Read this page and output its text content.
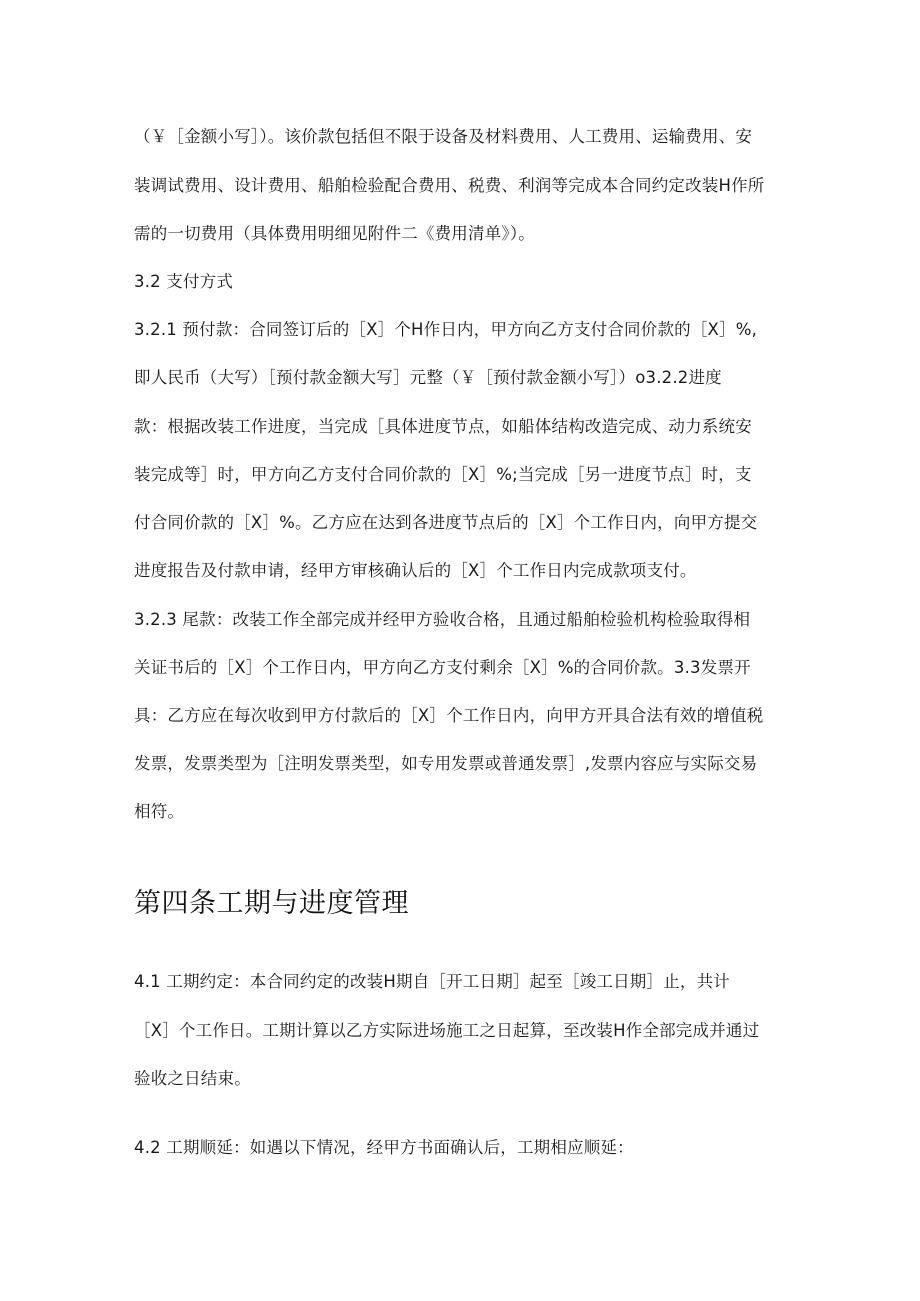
（￥［金额小写］）。该价款包括但不限于设备及材料费用、人工费用、运输费用、安
装调试费用、设计费用、船舶检验配合费用、税费、利润等完成本合同约定改装H作所
需的一切费用（具体费用明细见附件二《费用清单》）。
3.2 支付方式
3.2.1 预付款：合同签订后的［X］个H作日内，甲方向乙方支付合同价款的［X］%,
即人民币（大写）［预付款金额大写］元整（￥［预付款金额小写］）o3.2.2进度
款：根据改装工作进度，当完成［具体进度节点，如船体结构改造完成、动力系统安
装完成等］时，甲方向乙方支付合同价款的［X］%;当完成［另一进度节点］时，支
付合同价款的［X］%。乙方应在达到各进度节点后的［X］个工作日内，向甲方提交
进度报告及付款申请，经甲方审核确认后的［X］个工作日内完成款项支付。
3.2.3 尾款：改装工作全部完成并经甲方验收合格，且通过船舶检验机构检验取得相
关证书后的［X］个工作日内，甲方向乙方支付剩余［X］%的合同价款。3.3发票开
具：乙方应在每次收到甲方付款后的［X］个工作日内，向甲方开具合法有效的增值税
发票，发票类型为［注明发票类型，如专用发票或普通发票］,发票内容应与实际交易
相符。
第四条工期与进度管理
4.1 工期约定：本合同约定的改装H期自［开工日期］起至［竣工日期］止，共计
［X］个工作日。工期计算以乙方实际进场施工之日起算，至改装H作全部完成并通过
验收之日结束。
4.2 工期顺延：如遇以下情况，经甲方书面确认后，工期相应顺延：
